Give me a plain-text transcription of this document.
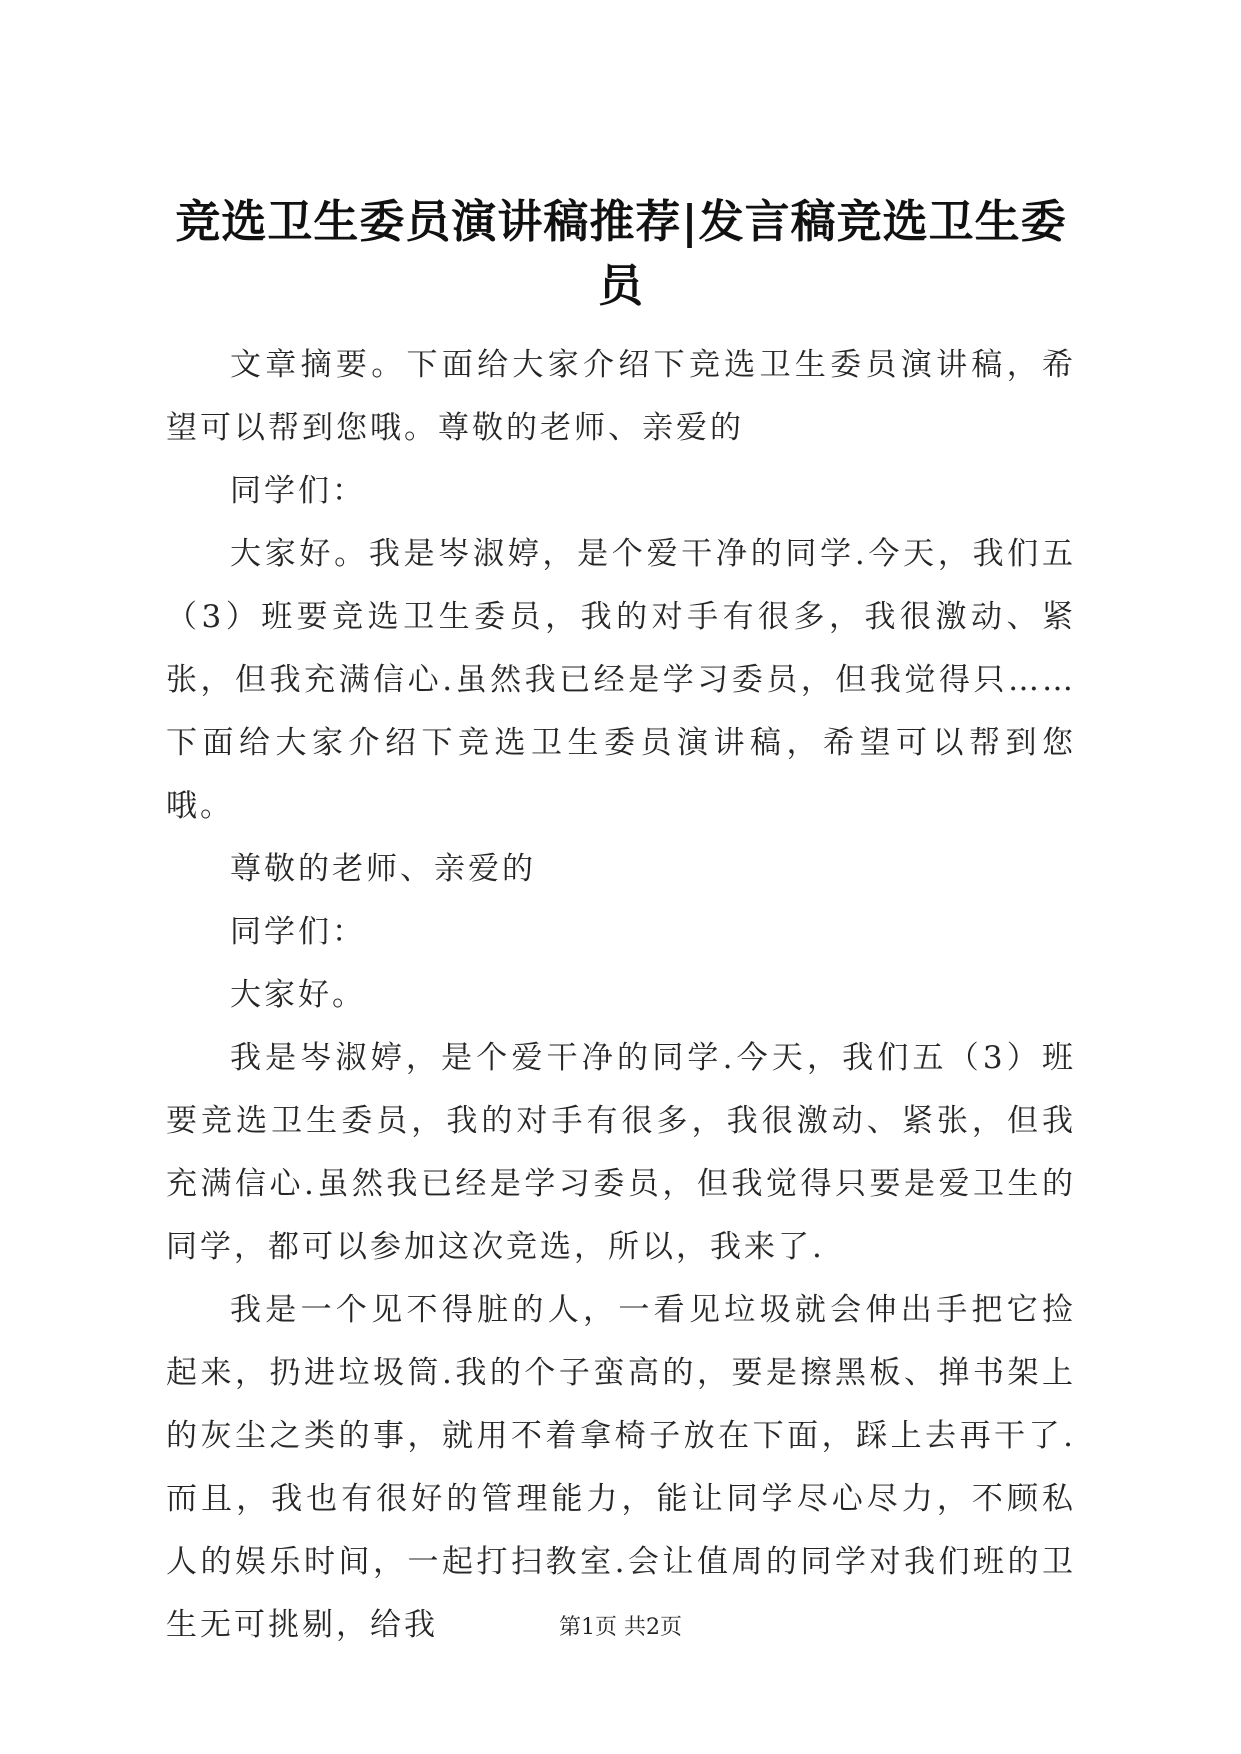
竞选卫生委员演讲稿推荐|发言稿竞选卫生委员

文章摘要。下面给大家介绍下竞选卫生委员演讲稿，希望可以帮到您哦。尊敬的老师、亲爱的

同学们：

大家好。我是岑淑婷，是个爱干净的同学.今天，我们五（3）班要竞选卫生委员，我的对手有很多，我很激动、紧张，但我充满信心.虽然我已经是学习委员，但我觉得只……下面给大家介绍下竞选卫生委员演讲稿，希望可以帮到您哦。

尊敬的老师、亲爱的

同学们：

大家好。

我是岑淑婷，是个爱干净的同学.今天，我们五（3）班要竞选卫生委员，我的对手有很多，我很激动、紧张，但我充满信心.虽然我已经是学习委员，但我觉得只要是爱卫生的同学，都可以参加这次竞选，所以，我来了.

我是一个见不得脏的人，一看见垃圾就会伸出手把它捡起来，扔进垃圾筒.我的个子蛮高的，要是擦黑板、掸书架上的灰尘之类的事，就用不着拿椅子放在下面，踩上去再干了.而且，我也有很好的管理能力，能让同学尽心尽力，不顾私人的娱乐时间，一起打扫教室.会让值周的同学对我们班的卫生无可挑剔，给我	第1页 共2页
